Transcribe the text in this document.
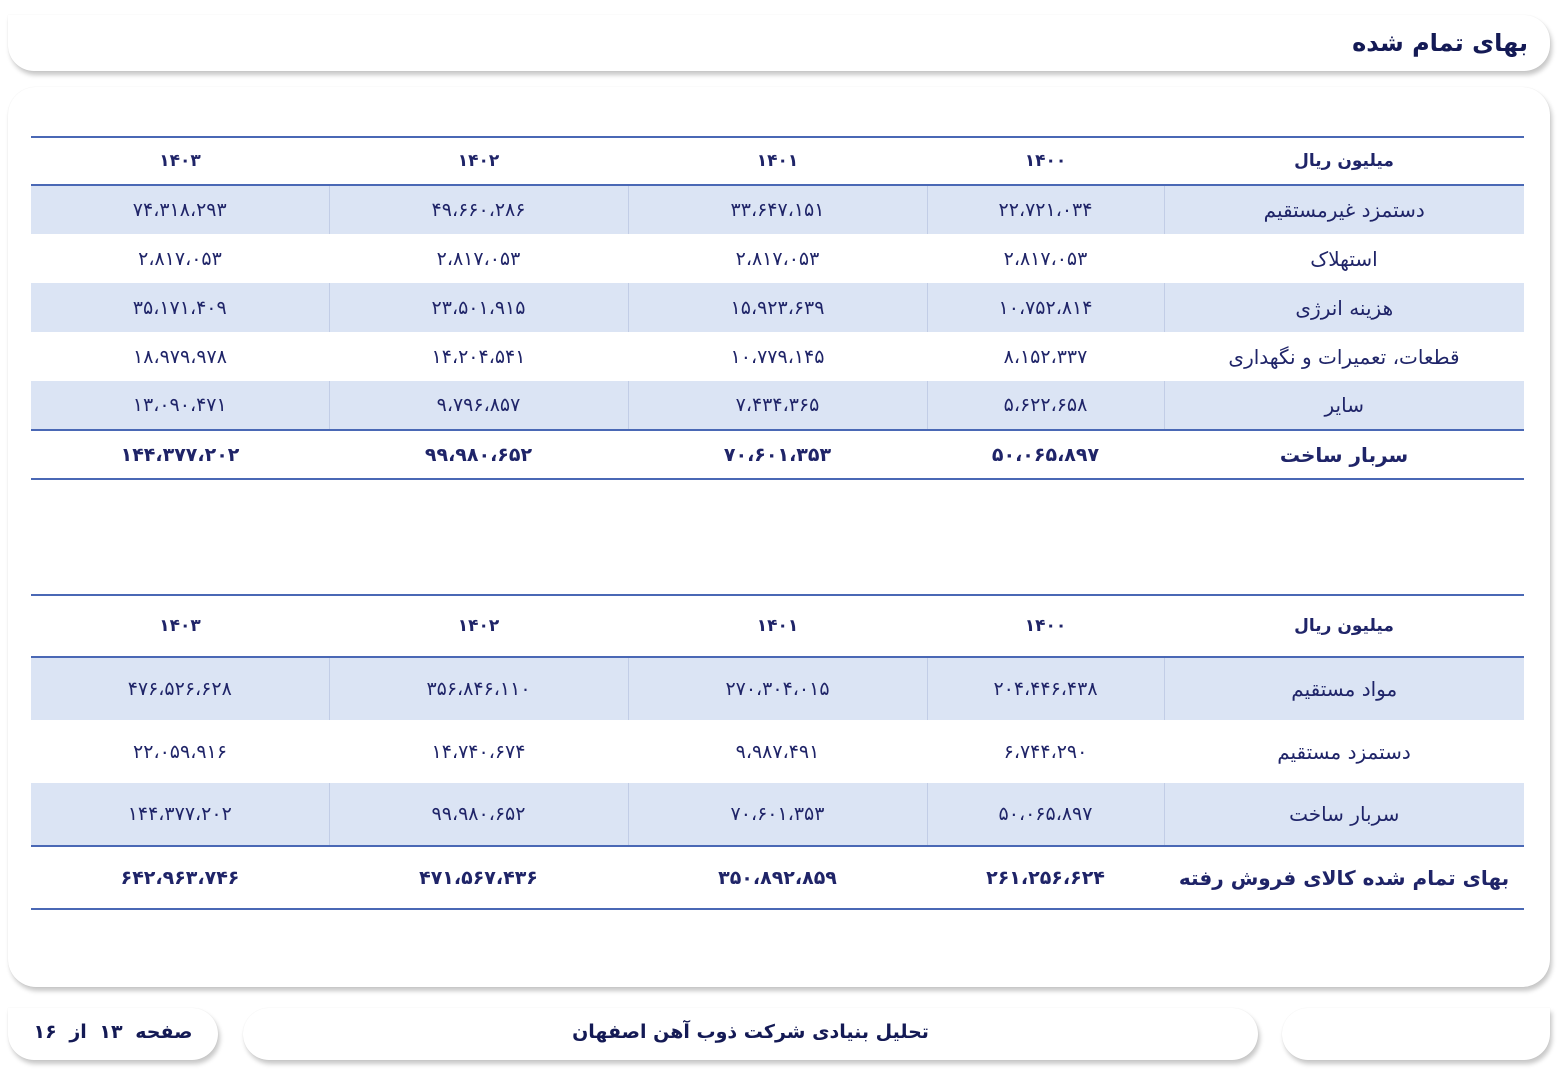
بهای تمام شده
میلیون ریال	۱۴۰۰	۱۴۰۱	۱۴۰۲	۱۴۰۳
دستمزد غیرمستقیم	۲۲،۷۲۱،۰۳۴	۳۳،۶۴۷،۱۵۱	۴۹،۶۶۰،۲۸۶	۷۴،۳۱۸،۲۹۳
استهلاک	۲،۸۱۷،۰۵۳	۲،۸۱۷،۰۵۳	۲،۸۱۷،۰۵۳	۲،۸۱۷،۰۵۳
هزینه انرژی	۱۰،۷۵۲،۸۱۴	۱۵،۹۲۳،۶۳۹	۲۳،۵۰۱،۹۱۵	۳۵،۱۷۱،۴۰۹
قطعات، تعمیرات و نگهداری	۸،۱۵۲،۳۳۷	۱۰،۷۷۹،۱۴۵	۱۴،۲۰۴،۵۴۱	۱۸،۹۷۹،۹۷۸
سایر	۵،۶۲۲،۶۵۸	۷،۴۳۴،۳۶۵	۹،۷۹۶،۸۵۷	۱۳،۰۹۰،۴۷۱
سربار ساخت	۵۰،۰۶۵،۸۹۷	۷۰،۶۰۱،۳۵۳	۹۹،۹۸۰،۶۵۲	۱۴۴،۳۷۷،۲۰۲
میلیون ریال	۱۴۰۰	۱۴۰۱	۱۴۰۲	۱۴۰۳
مواد مستقیم	۲۰۴،۴۴۶،۴۳۸	۲۷۰،۳۰۴،۰۱۵	۳۵۶،۸۴۶،۱۱۰	۴۷۶،۵۲۶،۶۲۸
دستمزد مستقیم	۶،۷۴۴،۲۹۰	۹،۹۸۷،۴۹۱	۱۴،۷۴۰،۶۷۴	۲۲،۰۵۹،۹۱۶
سربار ساخت	۵۰،۰۶۵،۸۹۷	۷۰،۶۰۱،۳۵۳	۹۹،۹۸۰،۶۵۲	۱۴۴،۳۷۷،۲۰۲
بهای تمام شده کالای فروش رفته	۲۶۱،۲۵۶،۶۲۴	۳۵۰،۸۹۲،۸۵۹	۴۷۱،۵۶۷،۴۳۶	۶۴۲،۹۶۳،۷۴۶
صفحه ۱۳ از ۱۶	تحلیل بنیادی شرکت ذوب آهن اصفهان
